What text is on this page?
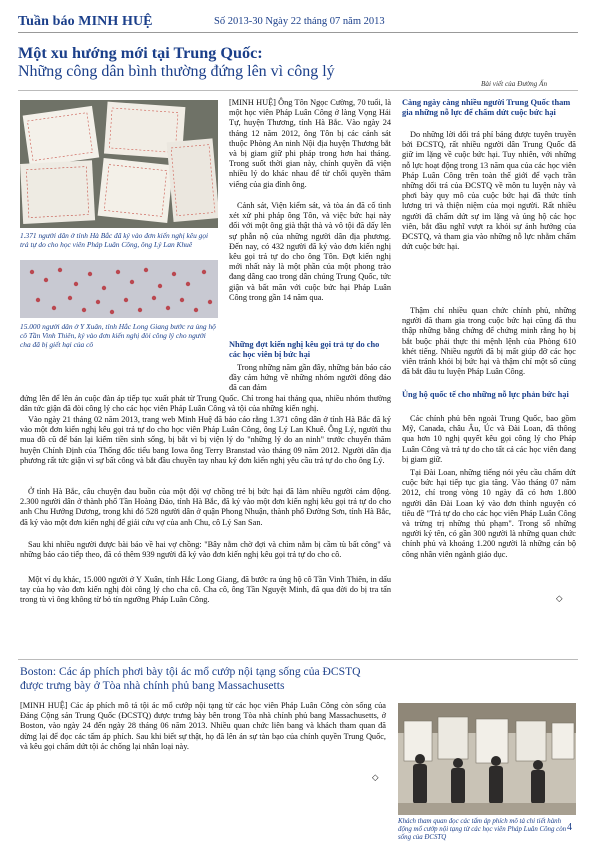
Tuần báo MINH HUỆ	Số 2013-30 Ngày 22 tháng 07 năm 2013
Một xu hướng mới tại Trung Quốc:
Những công dân bình thường đứng lên vì công lý
Bài viết của Đường Ấn
1.371 người dân ở tỉnh Hà Bắc đã ký vào đơn kiến nghị kêu gọi trả tự do cho học viên Pháp Luân Công, ông Lý Lan Khuê
15.000 người dân ở Y Xuân, tỉnh Hắc Long Giang bước ra ủng hộ cô Tần Vinh Thiên, ký vào đơn kiến nghị đòi công lý cho người cha đã bị giết hại của cô
[MINH HUỆ] Ông Tôn Ngọc Cường, 70 tuổi, là một học viên Pháp Luân Công ở làng Vọng Hải Tự, huyện Thương, tỉnh Hà Bắc. Vào ngày 24 tháng 12 năm 2012, ông Tôn bị các cảnh sát thuộc Phòng An ninh Nội địa huyện Thương bắt và bị giam giữ phi pháp trong hơn hai tháng. Trong suốt thời gian này, chính quyền đã viện nhiều lý do khác nhau để từ chối quyền thăm viếng của gia đình ông.
Cảnh sát, Viện kiểm sát, và tòa án đã cố tình xét xử phi pháp ông Tôn, và việc bức hại này đối với một ông già thật thà và vô tội đã dấy lên sự phẫn nộ của những người dân địa phương. Đến nay, có 432 người đã ký vào đơn kiến nghị kêu gọi trả tự do cho ông Tôn. Đợt kiến nghị mới nhất này là một phần của một phong trào đang dâng cao trong dân chúng Trung Quốc, tức giận và bất mãn với cuộc bức hại Pháp Luân Công trong gần 14 năm qua.
Những đợt kiến nghị kêu gọi trả tự do cho các học viên bị bức hại
Trong những năm gần đây, những bản báo cáo đầy cảm hứng về những nhóm người đông đảo đã can đảm
đứng lên để lên án cuộc đàn áp tiếp tục xuất phát từ Trung Quốc. Chỉ trong hai tháng qua, nhiều nhóm thường dân tức giận đã đòi công lý cho các học viên Pháp Luân Công và tội của những kiến nghị.
Vào ngày 21 tháng 02 năm 2013, trang web Minh Huệ đã báo cáo rằng 1.371 công dân ở tỉnh Hà Bắc đã ký vào một đơn kiến nghị kêu gọi trả tự do cho học viên Pháp Luân Công, ông Lý Lan Khuê. Ông Lý, người thu mua đồ cũ để bán lại kiếm tiền sinh sống, bị bắt vì bị viện lý do "những lý do an ninh" trước chuyến thăm huyện Chính Định của Thống đốc tiểu bang Iowa ông Terry Branstad vào tháng 09 năm 2012. Người dân địa phương rất tức giận vì sự bất công và bắt đầu chuyền tay nhau ký đơn kiến nghị yêu cầu trả tự do cho ông Lý.
Ở tỉnh Hà Bắc, câu chuyện đau buồn của một đội vợ chồng trẻ bị bức hại đã làm nhiều người cảm động. 2.300 người dân ở thành phố Tần Hoàng Đảo, tỉnh Hà Bắc, đã ký vào một đơn kiến nghị kêu gọi trả tự do cho anh Chu Hướng Dương, trong khi đó 528 người dân ở quận Phong Nhuận, thành phố Đường Sơn, tỉnh Hà Bắc, đã ký vào một đơn kiến nghị để giải cứu vợ của anh Chu, cô Lý San San.
Sau khi nhiều người được bài báo về hai vợ chồng: "Bây nằm chờ đợi và chìm nằm bị cầm tù bất công" và những báo cáo tiếp theo, đã có thêm 939 người đã ký vào đơn kiến nghị kêu gọi trả tự do cho cô.
Một ví dụ khác, 15.000 người ở Y Xuân, tỉnh Hắc Long Giang, đã bước ra ủng hộ cô Tần Vinh Thiên, in dấu tay của họ vào đơn kiến nghị đòi công lý cho cha cô. Cha cô, ông Tần Nguyệt Minh, đã qua đời do bị tra tấn trong tù vì ông không từ bỏ tín ngưỡng Pháp Luân Công.
Càng ngày càng nhiều người Trung Quốc tham gia những nỗ lực để chấm dứt cuộc bức hại
Do những lời dối trá phỉ báng được tuyên truyền bởi ĐCSTQ, rất nhiều người dân Trung Quốc đã giữ im lặng về cuộc bức hại. Tuy nhiên, với những nỗ lực hoạt động trong 13 năm qua của các học viên Pháp Luân Công trên toàn thế giới để vạch trần những dối trá của ĐCSTQ về môn tu luyện này và phơi bày quy mô của cuộc bức hại đã thức tỉnh lương tri và thiện niệm của mọi người. Rất nhiều người đã chấm dứt sự im lặng và ủng hộ các học viên, bắt đầu nghĩ vượt ra khỏi sự ảnh hưởng của ĐCSTQ, và tham gia vào những nỗ lực nhằm chấm dứt cuộc bức hại.
Thậm chí nhiều quan chức chính phủ, những người đã tham gia trong cuộc bức hại cũng đã thu thập những bằng chứng để chứng minh rằng họ bị bắt buộc phải thực thi mệnh lệnh của Phòng 610 khét tiếng. Nhiều người đã bị mất giúp đỡ các học viên tránh khỏi bị bức hại và thậm chí một số cũng đã bắt đầu tu luyện Pháp Luân Công.
Ủng hộ quốc tế cho những nỗ lực phản bức hại
Các chính phủ bên ngoài Trung Quốc, bao gồm Mỹ, Canada, châu Âu, Úc và Đài Loan, đã thông qua hơn 10 nghị quyết kêu gọi công lý cho Pháp Luân Công và trả tự do cho tất cả các học viên đang bị giam giữ.
Tại Đài Loan, những tiếng nói yêu cầu chấm dứt cuộc bức hại tiếp tục gia tăng. Vào tháng 07 năm 2012, chỉ trong vòng 10 ngày đã có hơn 1.800 người dân Đài Loan ký vào đơn thỉnh nguyện có tiêu đề "Trả tự do cho các học viên Pháp Luân Công và trừng trị những thủ phạm". Trong số những người ký tên, có gần 300 người là những quan chức chính phủ và khoảng 1.200 người là những cán bộ công nhân viên ngành giáo dục.
◇
Boston: Các áp phích phơi bày tội ác mổ cướp nội tạng sống của ĐCSTQ được trưng bày ở Tòa nhà chính phủ bang Massachusetts
[MINH HUỆ] Các áp phích mô tả tội ác mổ cướp nội tạng từ các học viên Pháp Luân Công còn sống của Đảng Cộng sản Trung Quốc (ĐCSTQ) được trưng bày bên trong Tòa nhà chính phủ bang Massachusetts, ở Boston, vào ngày 24 đến ngày 28 tháng 06 năm 2013. Nhiều quan chức liên bang và khách tham quan đã dừng lại để đọc các tấm áp phích. Sau khi biết sự thật, họ đã lên án sự tàn bạo của chính quyền Trung Quốc, và kêu gọi chấm dứt tội ác chống lại nhân loại này.
◇
Khách tham quan đọc các tấm áp phích mô tả chi tiết hành động mổ cướp nội tạng từ các học viên Pháp Luân Công còn sống của ĐCSTQ
4
